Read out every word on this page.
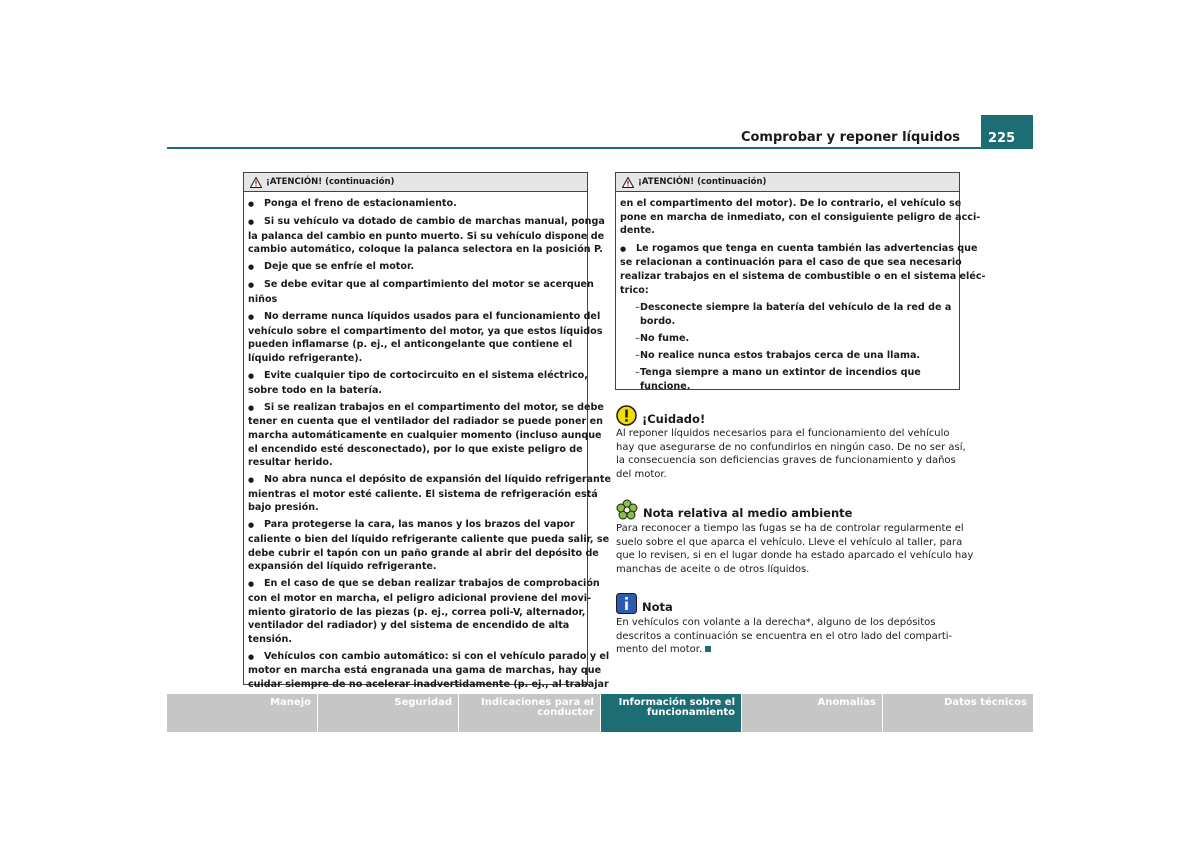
Comprobar y reponer líquidos	225
¡ATENCIÓN! (continuación)
● Ponga el freno de estacionamiento.
● Si su vehículo va dotado de cambio de marchas manual, ponga
la palanca del cambio en punto muerto. Si su vehículo dispone de
cambio automático, coloque la palanca selectora en la posición P.
● Deje que se enfríe el motor.
● Se debe evitar que al compartimiento del motor se acerquen
niños
● No derrame nunca líquidos usados para el funcionamiento del
vehículo sobre el compartimento del motor, ya que estos líquidos
pueden inflamarse (p. ej., el anticongelante que contiene el
líquido refrigerante).
● Evite cualquier tipo de cortocircuito en el sistema eléctrico,
sobre todo en la batería.
● Si se realizan trabajos en el compartimento del motor, se debe
tener en cuenta que el ventilador del radiador se puede poner en
marcha automáticamente en cualquier momento (incluso aunque
el encendido esté desconectado), por lo que existe peligro de
resultar herido.
● No abra nunca el depósito de expansión del líquido refrigerante
mientras el motor esté caliente. El sistema de refrigeración está
bajo presión.
● Para protegerse la cara, las manos y los brazos del vapor
caliente o bien del líquido refrigerante caliente que pueda salir, se
debe cubrir el tapón con un paño grande al abrir del depósito de
expansión del líquido refrigerante.
● En el caso de que se deban realizar trabajos de comprobación
con el motor en marcha, el peligro adicional proviene del movi-
miento giratorio de las piezas (p. ej., correa poli-V, alternador,
ventilador del radiador) y del sistema de encendido de alta
tensión.
● Vehículos con cambio automático: si con el vehículo parado y el
motor en marcha está engranada una gama de marchas, hay que
cuidar siempre de no acelerar inadvertidamente (p. ej., al trabajar
¡ATENCIÓN! (continuación)
en el compartimento del motor). De lo contrario, el vehículo se
pone en marcha de inmediato, con el consiguiente peligro de acci-
dente.
● Le rogamos que tenga en cuenta también las advertencias que
se relacionan a continuación para el caso de que sea necesario
realizar trabajos en el sistema de combustible o en el sistema eléc-
trico:
– Desconecte siempre la batería del vehículo de la red de a
bordo.
– No fume.
– No realice nunca estos trabajos cerca de una llama.
– Tenga siempre a mano un extintor de incendios que
funcione.
¡Cuidado!
Al reponer líquidos necesarios para el funcionamiento del vehículo
hay que asegurarse de no confundirlos en ningún caso. De no ser así,
la consecuencia son deficiencias graves de funcionamiento y daños
del motor.
Nota relativa al medio ambiente
Para reconocer a tiempo las fugas se ha de controlar regularmente el
suelo sobre el que aparca el vehículo. Lleve el vehículo al taller, para
que lo revisen, si en el lugar donde ha estado aparcado el vehículo hay
manchas de aceite o de otros líquidos.
Nota
En vehículos con volante a la derecha*, alguno de los depósitos
descritos a continuación se encuentra en el otro lado del comparti-
mento del motor.
Manejo	Seguridad	Indicaciones para el conductor
Información sobre el funcionamiento
Anomalías	Datos técnicos
